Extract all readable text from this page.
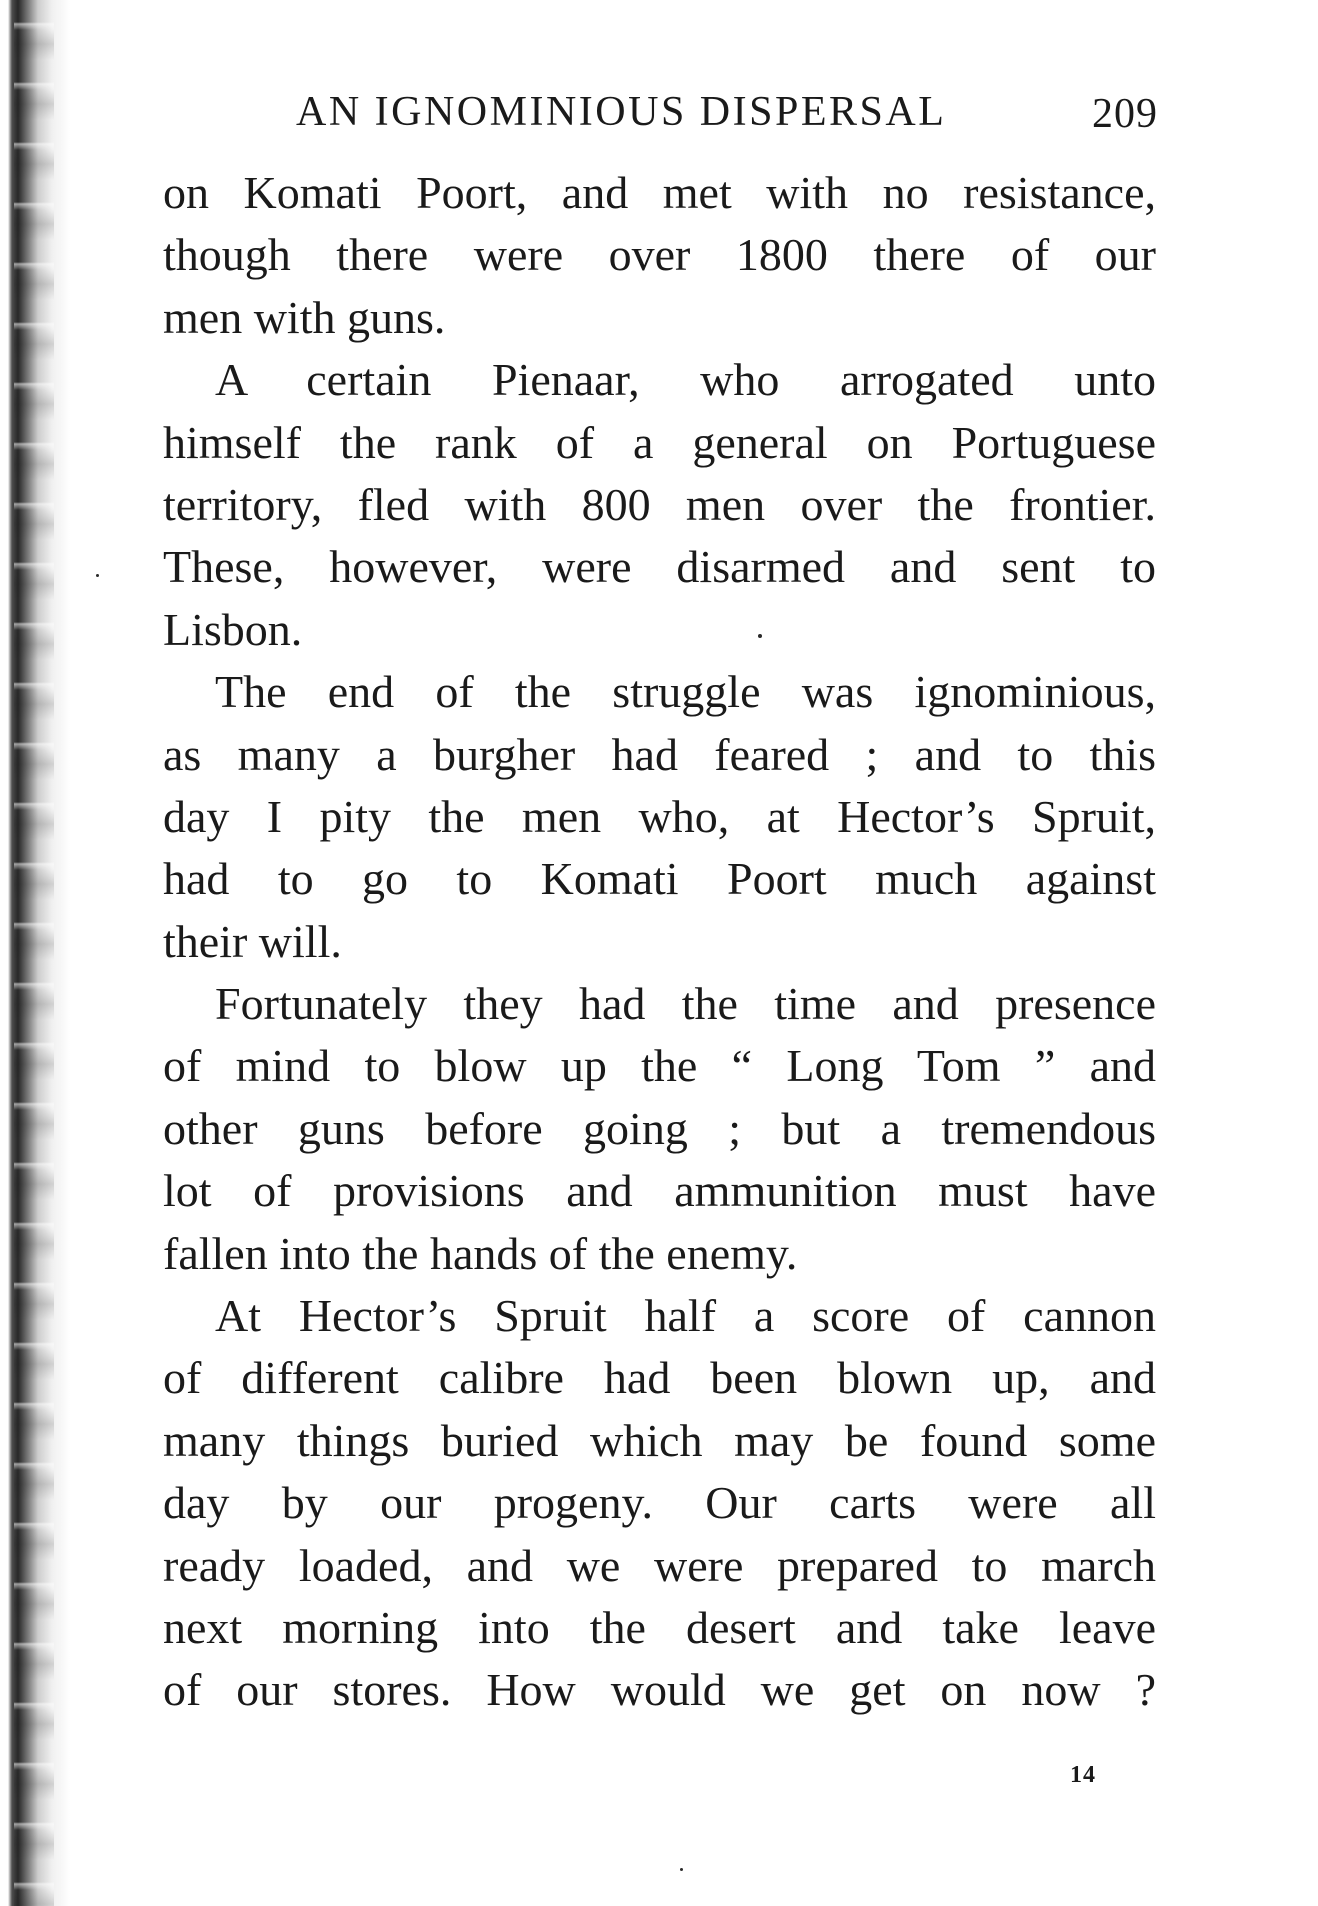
AN IGNOMINIOUS DISPERSAL	209
on Komati Poort, and met with no resistance,
though there were over 1800 there of our
men with guns.
A certain Pienaar, who arrogated unto
himself the rank of a general on Portuguese
territory, fled with 800 men over the frontier.
These, however, were disarmed and sent to
Lisbon.
The end of the struggle was ignominious,
as many a burgher had feared ; and to this
day I pity the men who, at Hector’s Spruit,
had to go to Komati Poort much against
their will.
Fortunately they had the time and presence
of mind to blow up the “ Long Tom ” and
other guns before going ; but a tremendous
lot of provisions and ammunition must have
fallen into the hands of the enemy.
At Hector’s Spruit half a score of cannon
of different calibre had been blown up, and
many things buried which may be found some
day by our progeny. Our carts were all
ready loaded, and we were prepared to march
next morning into the desert and take leave
of our stores. How would we get on now ?
14
